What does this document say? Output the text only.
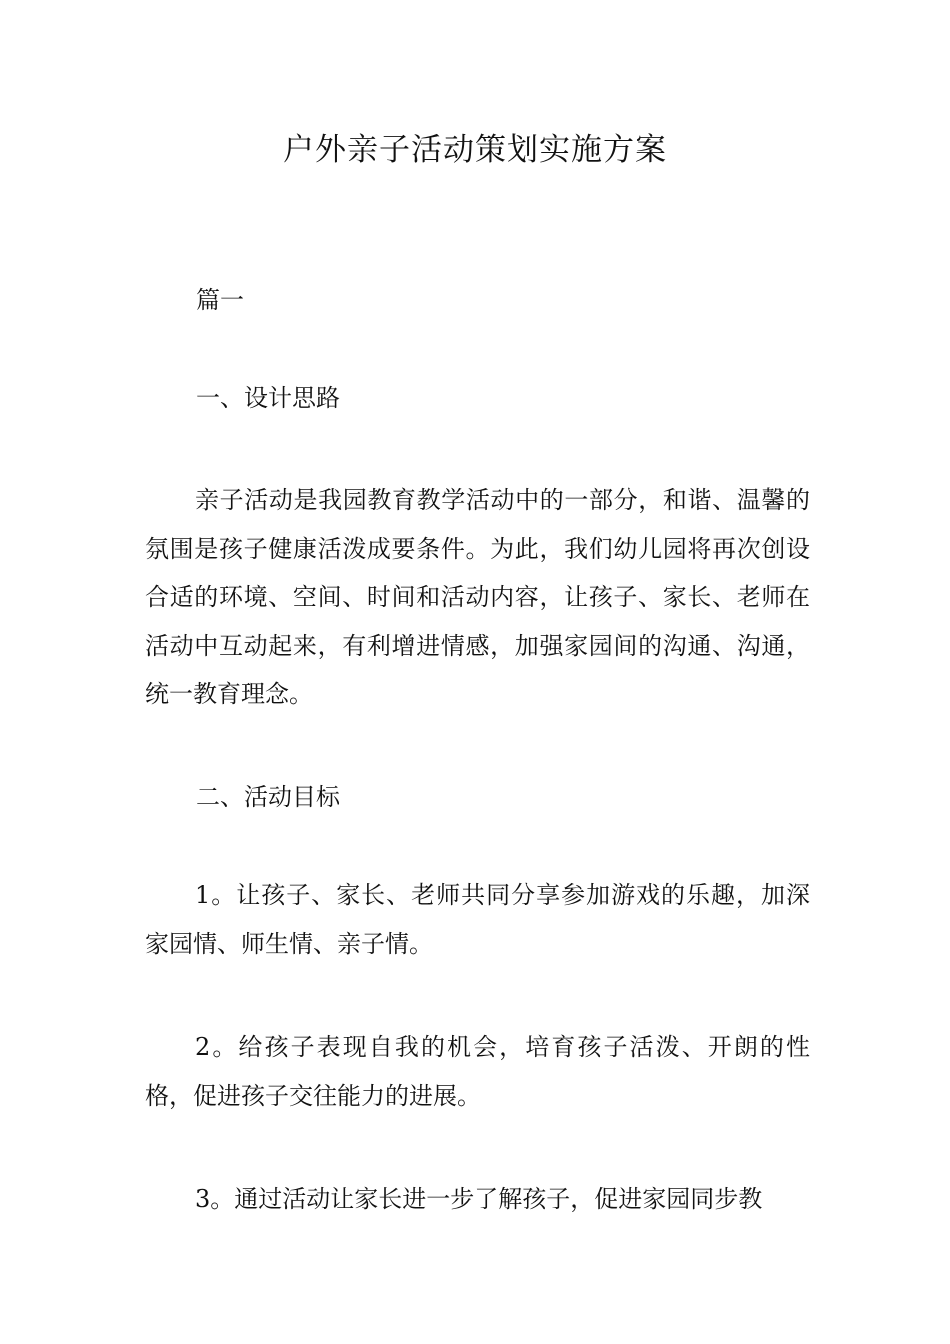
户外亲子活动策划实施方案

篇一

一、设计思路

亲子活动是我园教育教学活动中的一部分，和谐、温馨的氛围是孩子健康活泼成要条件。为此，我们幼儿园将再次创设合适的环境、空间、时间和活动内容，让孩子、家长、老师在活动中互动起来，有利增进情感，加强家园间的沟通、沟通，统一教育理念。

二、活动目标

1。让孩子、家长、老师共同分享参加游戏的乐趣，加深家园情、师生情、亲子情。

2。给孩子表现自我的机会，培育孩子活泼、开朗的性格，促进孩子交往能力的进展。

3。通过活动让家长进一步了解孩子，促进家园同步教
